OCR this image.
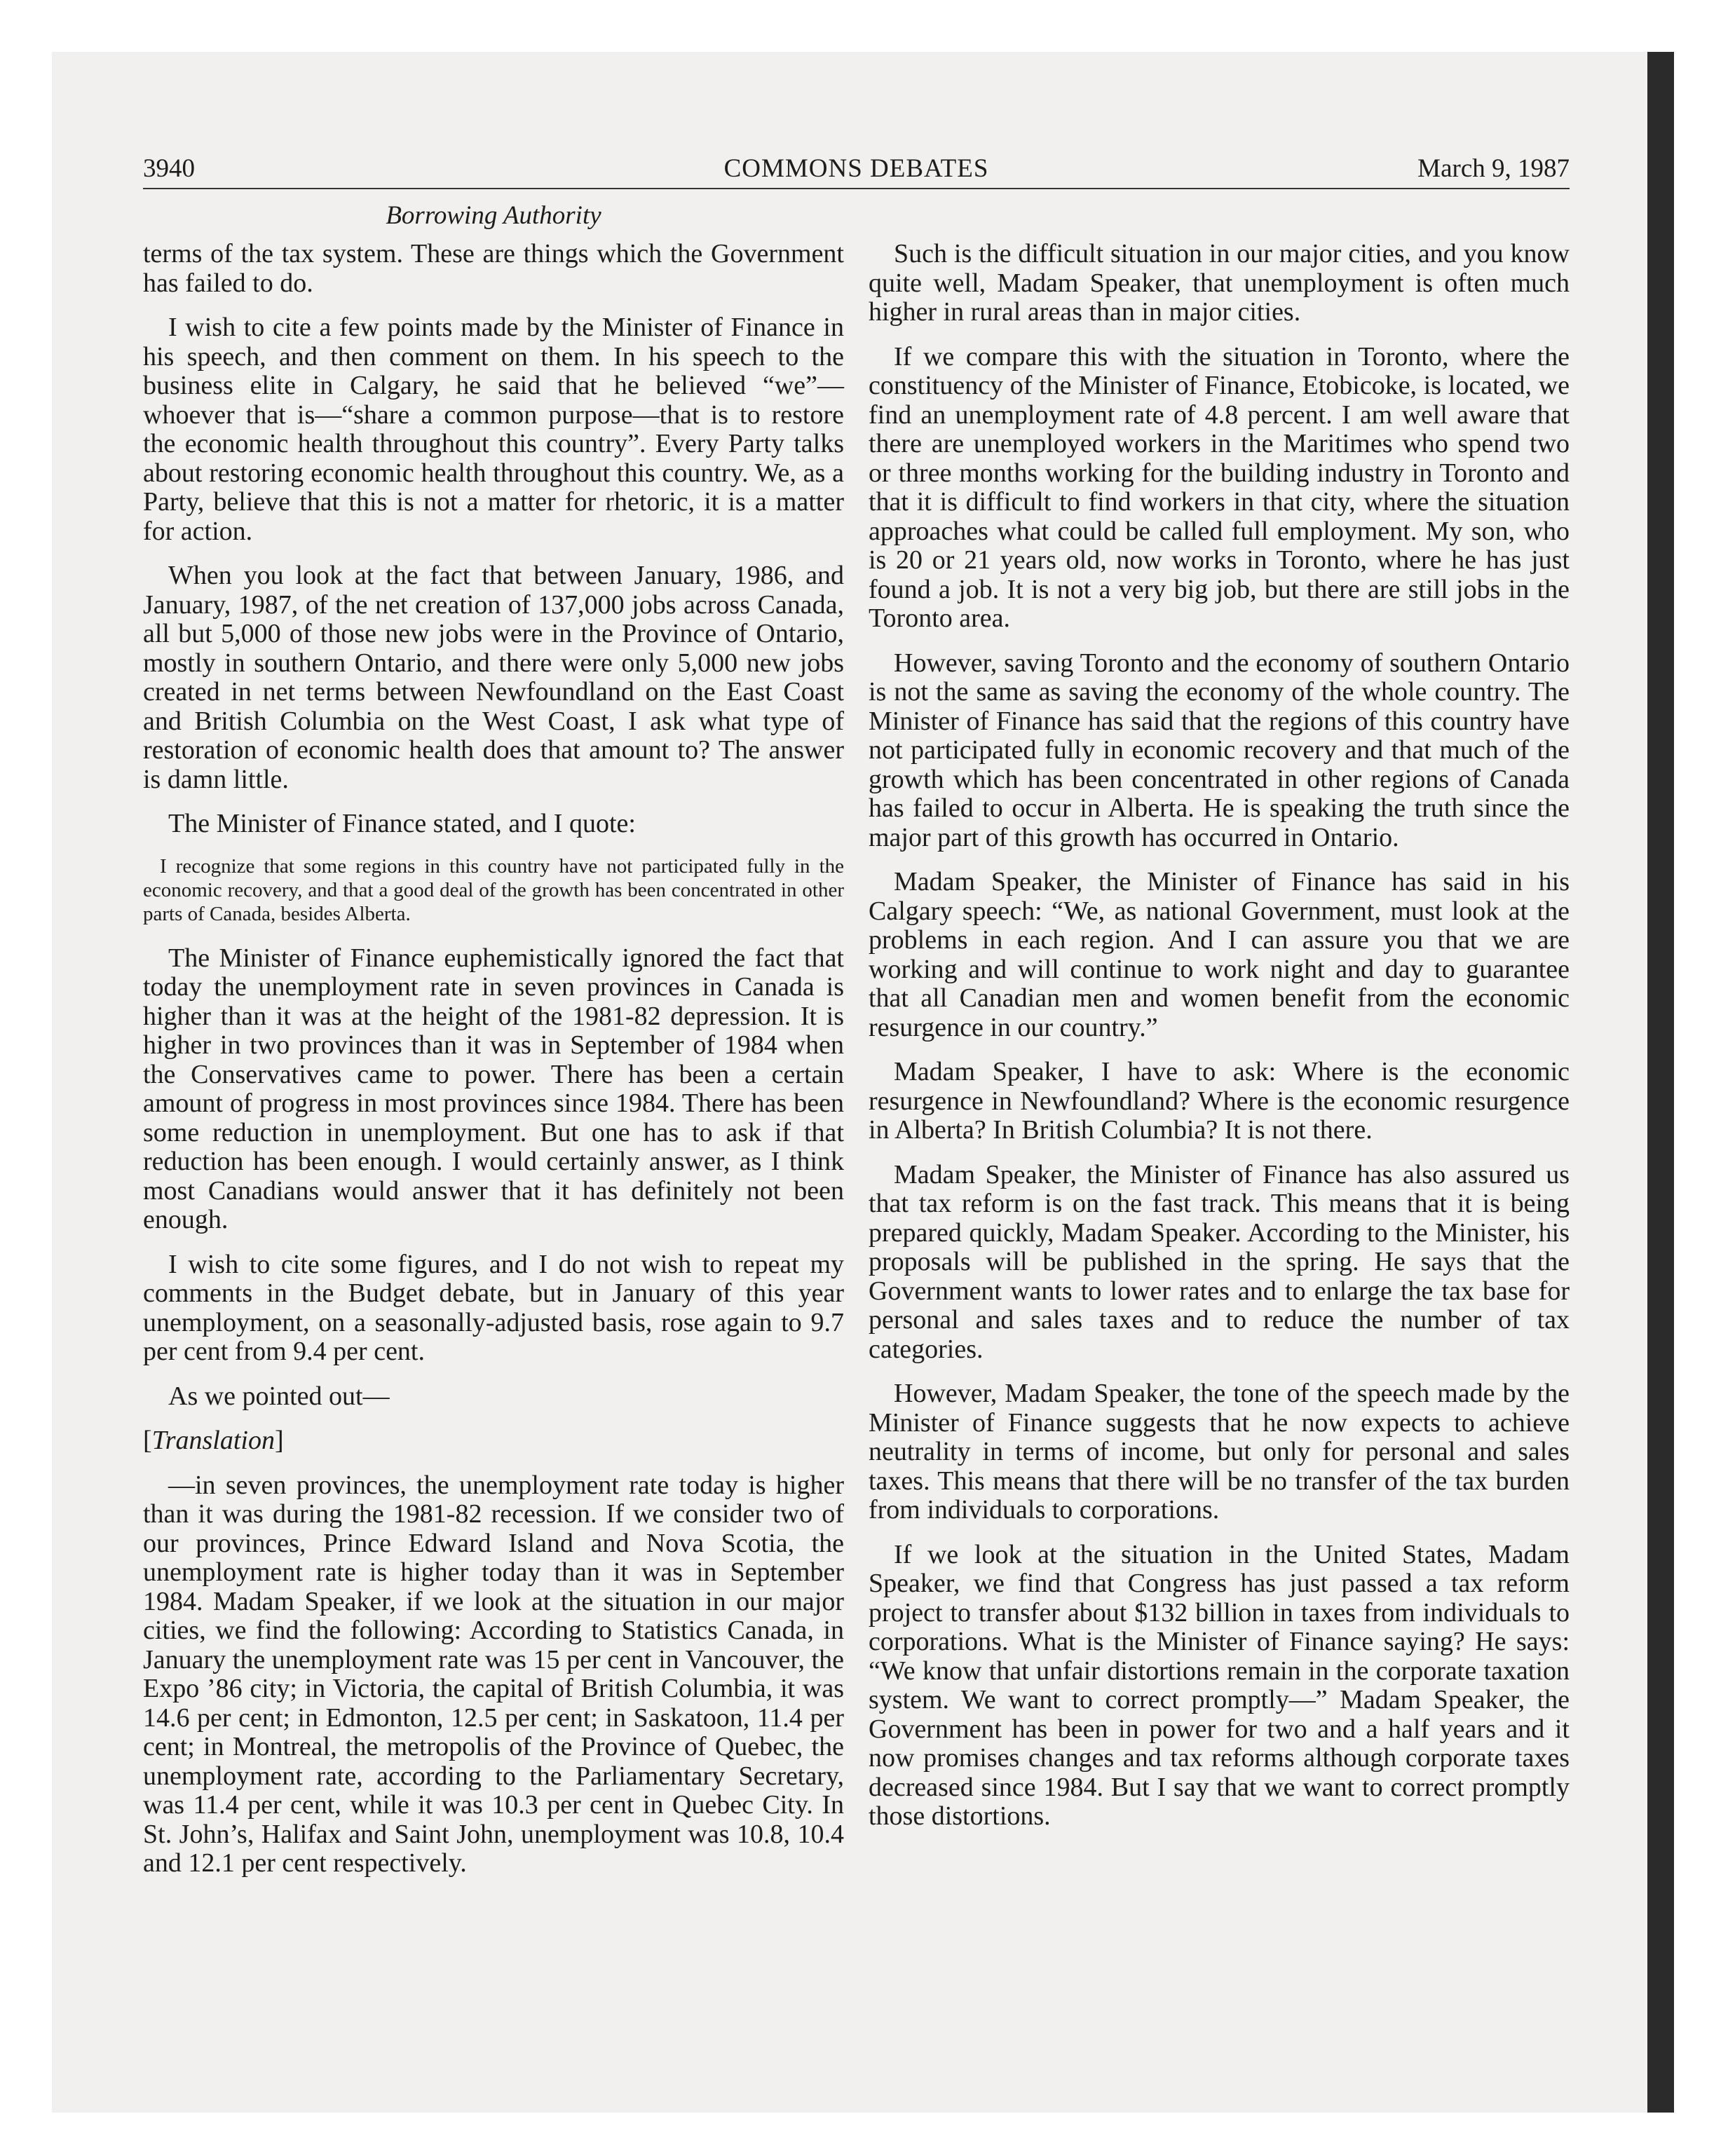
3940	COMMONS DEBATES	March 9, 1987
Borrowing Authority

terms of the tax system. These are things which the Government has failed to do.

I wish to cite a few points made by the Minister of Finance in his speech, and then comment on them. In his speech to the business elite in Calgary, he said that he believed “we”—whoever that is—“share a common purpose—that is to restore the economic health throughout this country”. Every Party talks about restoring economic health throughout this country. We, as a Party, believe that this is not a matter for rhetoric, it is a matter for action.

When you look at the fact that between January, 1986, and January, 1987, of the net creation of 137,000 jobs across Canada, all but 5,000 of those new jobs were in the Province of Ontario, mostly in southern Ontario, and there were only 5,000 new jobs created in net terms between Newfoundland on the East Coast and British Columbia on the West Coast, I ask what type of restoration of economic health does that amount to? The answer is damn little.

The Minister of Finance stated, and I quote:

I recognize that some regions in this country have not participated fully in the economic recovery, and that a good deal of the growth has been concentrated in other parts of Canada, besides Alberta.

The Minister of Finance euphemistically ignored the fact that today the unemployment rate in seven provinces in Canada is higher than it was at the height of the 1981-82 depression. It is higher in two provinces than it was in September of 1984 when the Conservatives came to power. There has been a certain amount of progress in most provinces since 1984. There has been some reduction in unemployment. But one has to ask if that reduction has been enough. I would certainly answer, as I think most Canadians would answer that it has definitely not been enough.

I wish to cite some figures, and I do not wish to repeat my comments in the Budget debate, but in January of this year unemployment, on a seasonally-adjusted basis, rose again to 9.7 per cent from 9.4 per cent.

As we pointed out—

[Translation]

—in seven provinces, the unemployment rate today is higher than it was during the 1981-82 recession. If we consider two of our provinces, Prince Edward Island and Nova Scotia, the unemployment rate is higher today than it was in September 1984. Madam Speaker, if we look at the situation in our major cities, we find the following: According to Statistics Canada, in January the unemployment rate was 15 per cent in Vancouver, the Expo ’86 city; in Victoria, the capital of British Columbia, it was 14.6 per cent; in Edmonton, 12.5 per cent; in Saskatoon, 11.4 per cent; in Montreal, the metropolis of the Province of Quebec, the unemployment rate, according to the Parliamentary Secretary, was 11.4 per cent, while it was 10.3 per cent in Quebec City. In St. John’s, Halifax and Saint John, unemployment was 10.8, 10.4 and 12.1 per cent respectively.

Such is the difficult situation in our major cities, and you know quite well, Madam Speaker, that unemployment is often much higher in rural areas than in major cities.

If we compare this with the situation in Toronto, where the constituency of the Minister of Finance, Etobicoke, is located, we find an unemployment rate of 4.8 percent. I am well aware that there are unemployed workers in the Maritimes who spend two or three months working for the building industry in Toronto and that it is difficult to find workers in that city, where the situation approaches what could be called full employment. My son, who is 20 or 21 years old, now works in Toronto, where he has just found a job. It is not a very big job, but there are still jobs in the Toronto area.

However, saving Toronto and the economy of southern Ontario is not the same as saving the economy of the whole country. The Minister of Finance has said that the regions of this country have not participated fully in economic recovery and that much of the growth which has been concentrated in other regions of Canada has failed to occur in Alberta. He is speaking the truth since the major part of this growth has occurred in Ontario.

Madam Speaker, the Minister of Finance has said in his Calgary speech: “We, as national Government, must look at the problems in each region. And I can assure you that we are working and will continue to work night and day to guarantee that all Canadian men and women benefit from the economic resurgence in our country.”

Madam Speaker, I have to ask: Where is the economic resurgence in Newfoundland? Where is the economic resurgence in Alberta? In British Columbia? It is not there.

Madam Speaker, the Minister of Finance has also assured us that tax reform is on the fast track. This means that it is being prepared quickly, Madam Speaker. According to the Minister, his proposals will be published in the spring. He says that the Government wants to lower rates and to enlarge the tax base for personal and sales taxes and to reduce the number of tax categories.

However, Madam Speaker, the tone of the speech made by the Minister of Finance suggests that he now expects to achieve neutrality in terms of income, but only for personal and sales taxes. This means that there will be no transfer of the tax burden from individuals to corporations.

If we look at the situation in the United States, Madam Speaker, we find that Congress has just passed a tax reform project to transfer about $132 billion in taxes from individuals to corporations. What is the Minister of Finance saying? He says: “We know that unfair distortions remain in the corporate taxation system. We want to correct promptly—” Madam Speaker, the Government has been in power for two and a half years and it now promises changes and tax reforms although corporate taxes decreased since 1984. But I say that we want to correct promptly those distortions.
